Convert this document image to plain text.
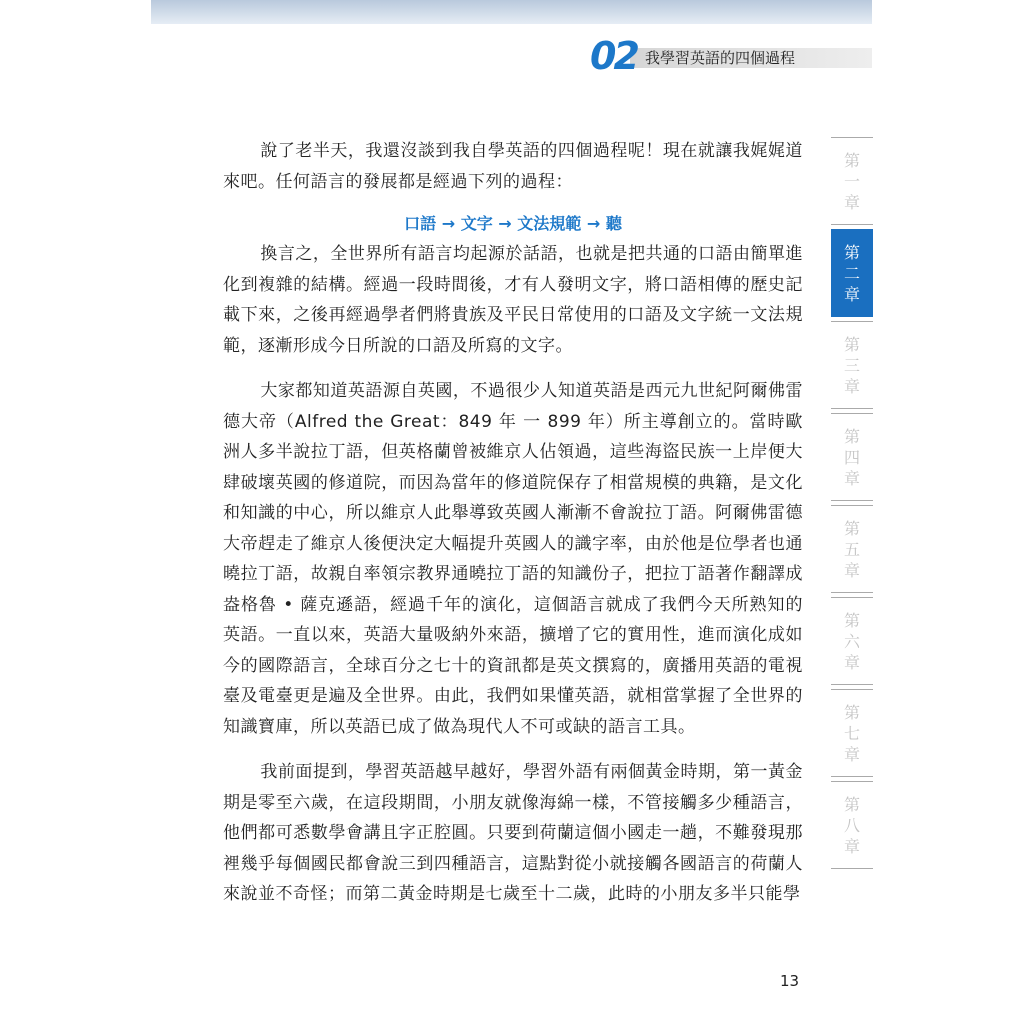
02 我學習英語的四個過程

說了老半天，我還沒談到我自學英語的四個過程呢！現在就讓我娓娓道
來吧。任何語言的發展都是經過下列的過程：

口語 → 文字 → 文法規範 → 聽

換言之，全世界所有語言均起源於話語，也就是把共通的口語由簡單進化到複雜的結構。經過一段時間後，才有人發明文字，將口語相傳的歷史記載下來，之後再經過學者們將貴族及平民日常使用的口語及文字統一文法規範，逐漸形成今日所說的口語及所寫的文字。

大家都知道英語源自英國，不過很少人知道英語是西元九世紀阿爾佛雷德大帝（Alfred the Great：849 年 一 899 年）所主導創立的。當時歐洲人多半說拉丁語，但英格蘭曾被維京人佔領過，這些海盜民族一上岸便大肆破壞英國的修道院，而因為當年的修道院保存了相當規模的典籍，是文化和知識的中心，所以維京人此舉導致英國人漸漸不會說拉丁語。阿爾佛雷德大帝趕走了維京人後便決定大幅提升英國人的識字率，由於他是位學者也通曉拉丁語，故親自率領宗教界通曉拉丁語的知識份子，把拉丁語著作翻譯成盎格魯 • 薩克遜語，經過千年的演化，這個語言就成了我們今天所熟知的英語。一直以來，英語大量吸納外來語，擴增了它的實用性，進而演化成如今的國際語言，全球百分之七十的資訊都是英文撰寫的，廣播用英語的電視臺及電臺更是遍及全世界。由此，我們如果懂英語，就相當掌握了全世界的知識寶庫，所以英語已成了做為現代人不可或缺的語言工具。

我前面提到，學習英語越早越好，學習外語有兩個黃金時期，第一黃金期是零至六歲，在這段期間，小朋友就像海綿一樣，不管接觸多少種語言，他們都可悉數學會講且字正腔圓。只要到荷蘭這個小國走一趟，不難發現那裡幾乎每個國民都會說三到四種語言，這點對從小就接觸各國語言的荷蘭人來說並不奇怪；而第二黃金時期是七歲至十二歲，此時的小朋友多半只能學

第
一
章
第
二
章
第
三
章
第
四
章
第
五
章
第
六
章
第
七
章
第
八
章
13
